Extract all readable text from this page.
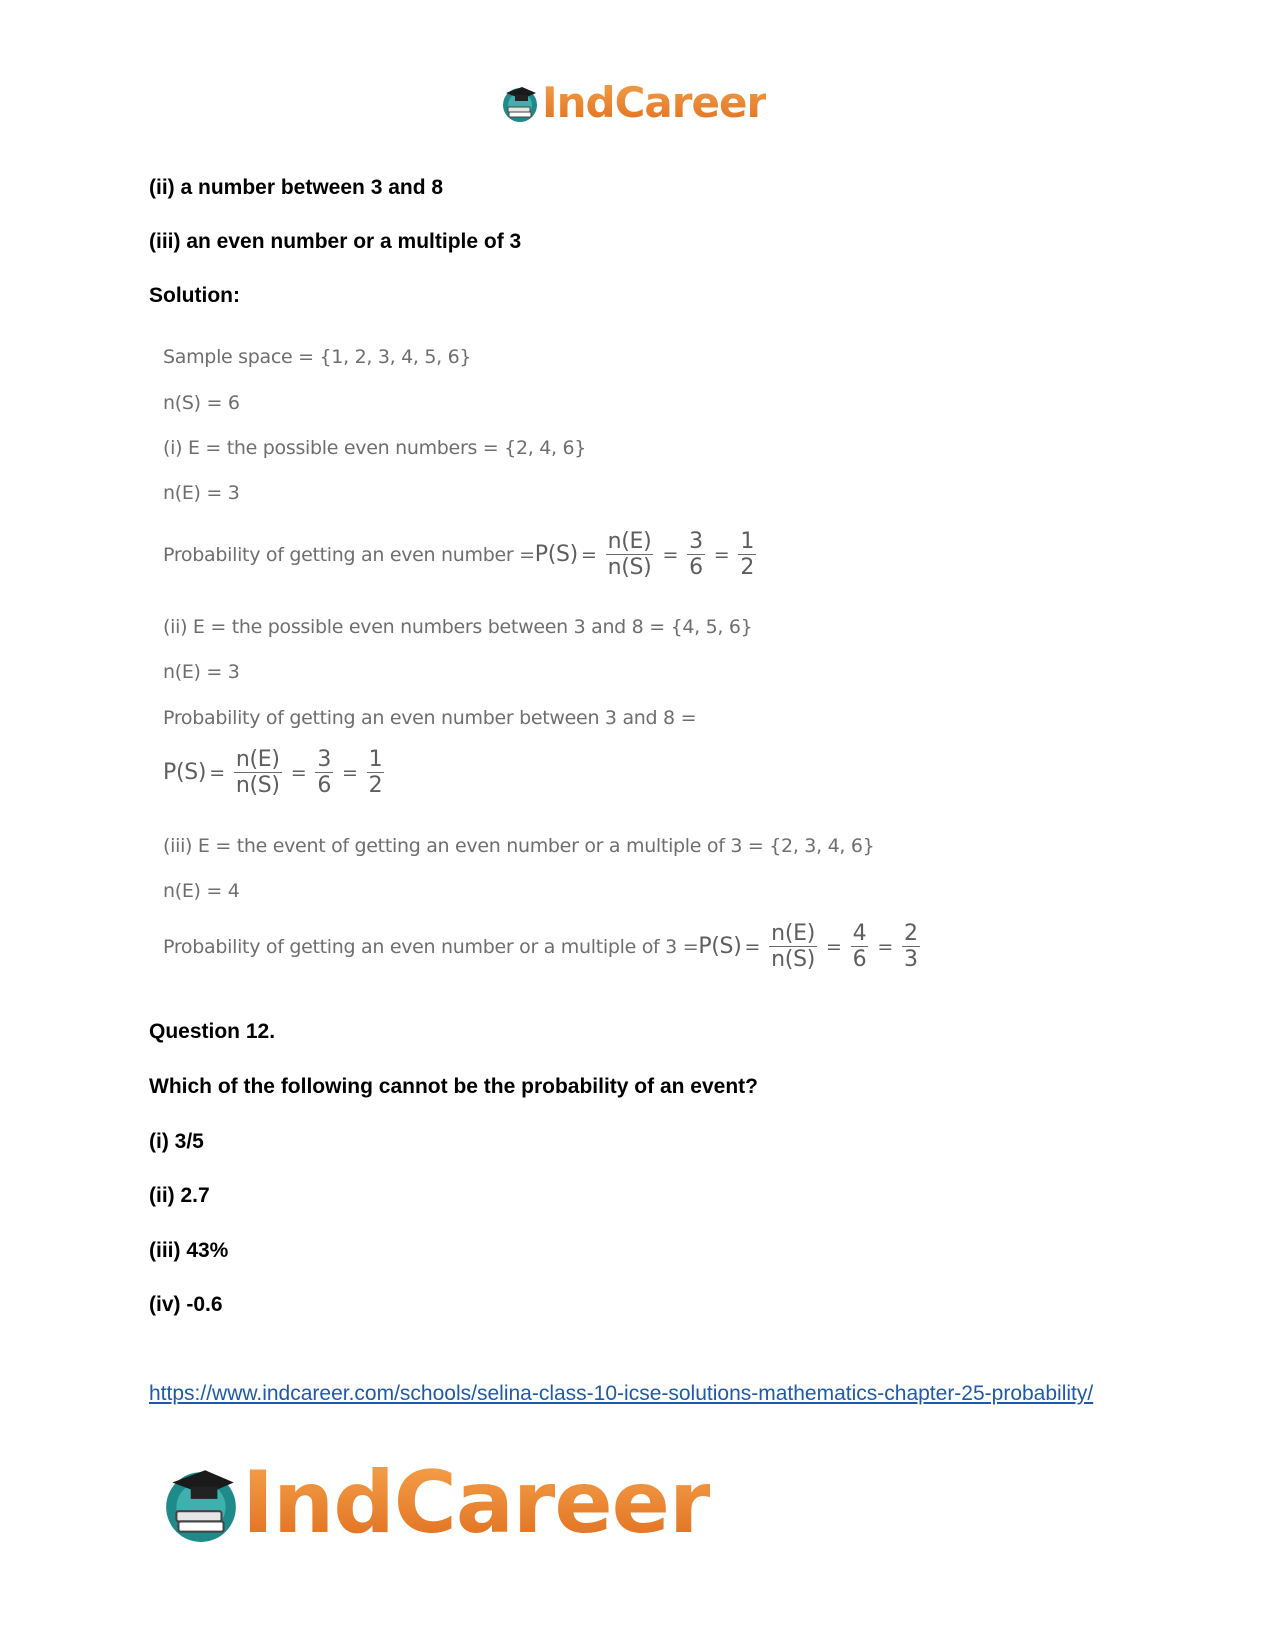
IndCareer
(ii) a number between 3 and 8
(iii) an even number or a multiple of 3
Solution:
Sample space = {1, 2, 3, 4, 5, 6}
n(S) = 6
(i) E = the possible even numbers = {2, 4, 6}
n(E) = 3
Probability of getting an even number = $P(S) = \frac{n(E)}{n(S)} = \frac{3}{6} = \frac{1}{2}$
(ii) E = the possible even numbers between 3 and 8 = {4, 5, 6}
n(E) = 3
Probability of getting an even number between 3 and 8 =
$P(S) = \frac{n(E)}{n(S)} = \frac{3}{6} = \frac{1}{2}$
(iii) E = the event of getting an even number or a multiple of 3 = {2, 3, 4, 6}
n(E) = 4
Probability of getting an even number or a multiple of $3 = P(S) = \frac{n(E)}{n(S)} = \frac{4}{6} = \frac{2}{3}$
Question 12.
Which of the following cannot be the probability of an event?
(i) 3/5
(ii) 2.7
(iii) 43%
(iv) -0.6
https://www.indcareer.com/schools/selina-class-10-icse-solutions-mathematics-chapter-25-probability/
IndCareer
